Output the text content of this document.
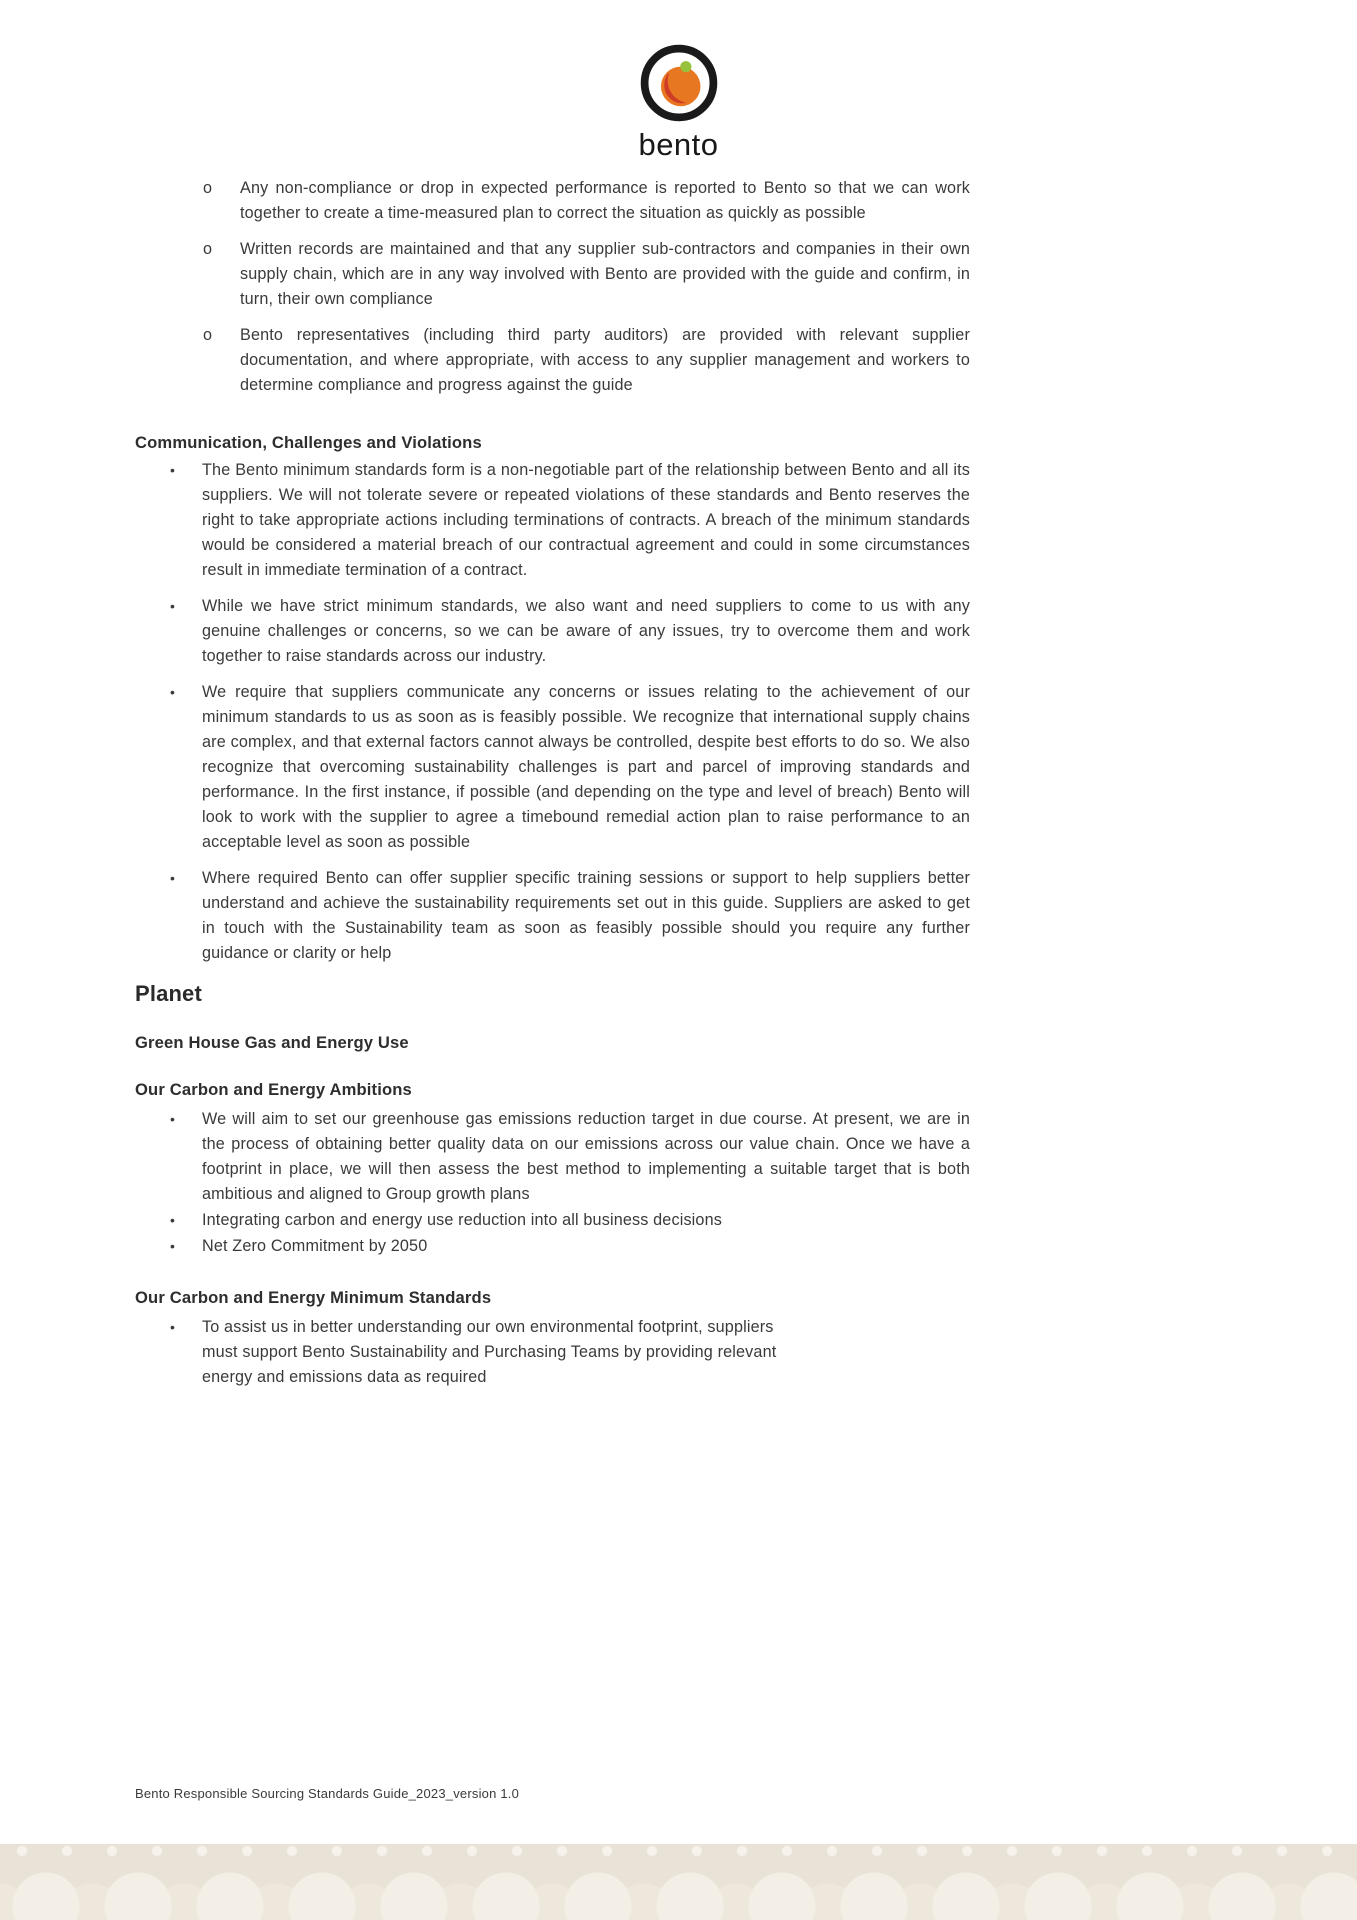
bento
o	Any non-compliance or drop in expected performance is reported to Bento so that we can work together to create a time-measured plan to correct the situation as quickly as possible

o	Written records are maintained and that any supplier sub-contractors and companies in their own supply chain, which are in any way involved with Bento are provided with the guide and confirm, in turn, their own compliance

o	Bento representatives (including third party auditors) are provided with relevant supplier documentation, and where appropriate, with access to any supplier management and workers to determine compliance and progress against the guide

Communication, Challenges and Violations
•	The Bento minimum standards form is a non-negotiable part of the relationship between Bento and all its suppliers. We will not tolerate severe or repeated violations of these standards and Bento reserves the right to take appropriate actions including terminations of contracts. A breach of the minimum standards would be considered a material breach of our contractual agreement and could in some circumstances result in immediate termination of a contract.

•	While we have strict minimum standards, we also want and need suppliers to come to us with any genuine challenges or concerns, so we can be aware of any issues, try to overcome them and work together to raise standards across our industry.

•	We require that suppliers communicate any concerns or issues relating to the achievement of our minimum standards to us as soon as is feasibly possible. We recognize that international supply chains are complex, and that external factors cannot always be controlled, despite best efforts to do so. We also recognize that overcoming sustainability challenges is part and parcel of improving standards and performance. In the first instance, if possible (and depending on the type and level of breach) Bento will look to work with the supplier to agree a timebound remedial action plan to raise performance to an acceptable level as soon as possible

•	Where required Bento can offer supplier specific training sessions or support to help suppliers better understand and achieve the sustainability requirements set out in this guide. Suppliers are asked to get in touch with the Sustainability team as soon as feasibly possible should you require any further guidance or clarity or help

Planet
Green House Gas and Energy Use
Our Carbon and Energy Ambitions
•	We will aim to set our greenhouse gas emissions reduction target in due course. At present, we are in the process of obtaining better quality data on our emissions across our value chain. Once we have a footprint in place, we will then assess the best method to implementing a suitable target that is both ambitious and aligned to Group growth plans

•	Integrating carbon and energy use reduction into all business decisions

•	Net Zero Commitment by 2050

Our Carbon and Energy Minimum Standards
•	To assist us in better understanding our own environmental footprint, suppliers must support Bento Sustainability and Purchasing Teams by providing relevant energy and emissions data as required

Bento Responsible Sourcing Standards Guide_2023_version 1.0
